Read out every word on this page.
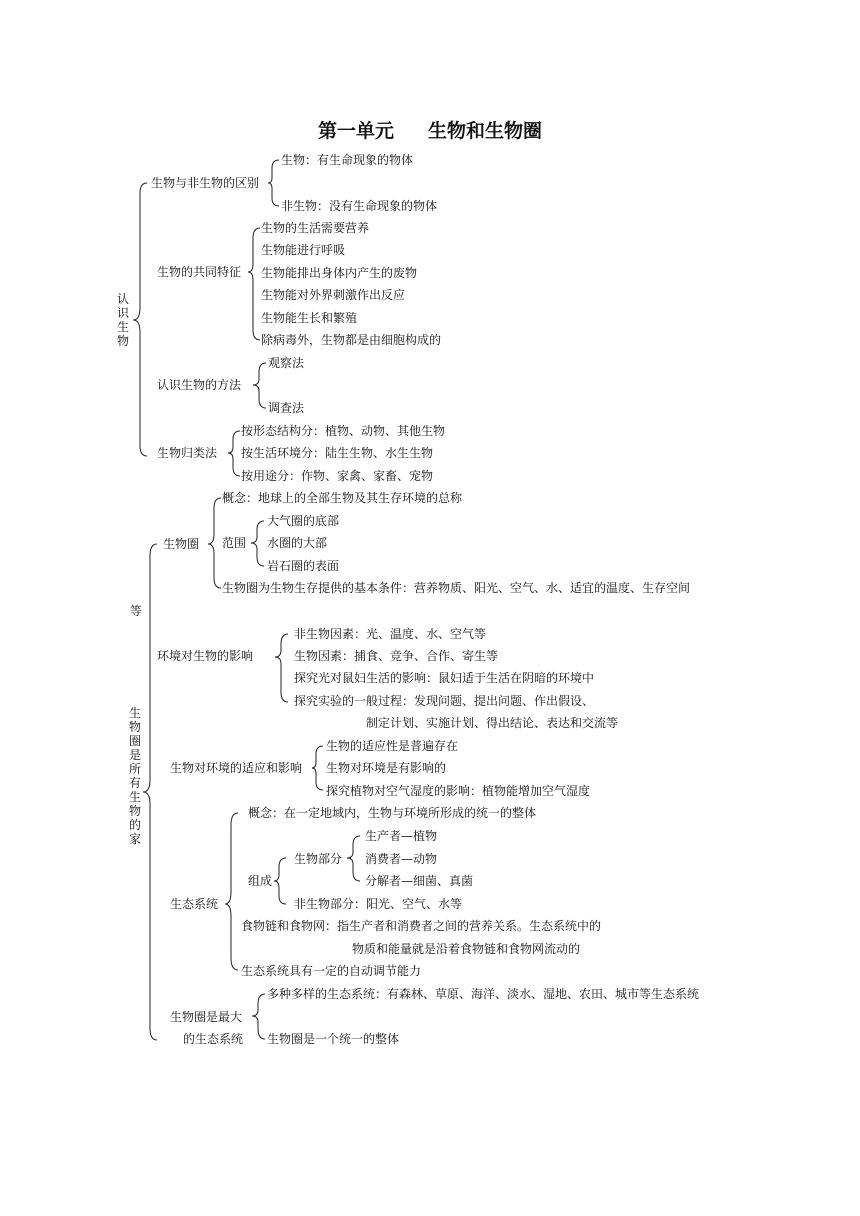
第一单元 生物和生物圈
认识生物
生物与非生物的区别
生物：有生命现象的物体
非生物：没有生命现象的物体
生物的共同特征
生物的生活需要营养
生物能进行呼吸
生物能排出身体内产生的废物
生物能对外界刺激作出反应
生物能生长和繁殖
除病毒外，生物都是由细胞构成的
认识生物的方法
观察法
调查法
生物归类法
按形态结构分：植物、动物、其他生物
按生活环境分：陆生生物、水生生物
按用途分：作物、家禽、家畜、宠物
等
生物圈是所有生物的家
生物圈
概念：地球上的全部生物及其生存环境的总称
范围
大气圈的底部
水圈的大部
岩石圈的表面
生物圈为生物生存提供的基本条件：营养物质、阳光、空气、水、适宜的温度、生存空间
环境对生物的影响
非生物因素：光、温度、水、空气等
生物因素：捕食、竞争、合作、寄生等
探究光对鼠妇生活的影响：鼠妇适于生活在阴暗的环境中
探究实验的一般过程：发现问题、提出问题、作出假设、
制定计划、实施计划、得出结论、表达和交流等
生物对环境的适应和影响
生物的适应性是普遍存在
生物对环境是有影响的
探究植物对空气湿度的影响：植物能增加空气湿度
生态系统
概念：在一定地域内，生物与环境所形成的统一的整体
组成
生物部分
生产者—植物
消费者—动物
分解者—细菌、真菌
非生物部分：阳光、空气、水等
食物链和食物网：指生产者和消费者之间的营养关系。生态系统中的
物质和能量就是沿着食物链和食物网流动的
生态系统具有一定的自动调节能力
生物圈是最大
的生态系统
多种多样的生态系统：有森林、草原、海洋、淡水、湿地、农田、城市等生态系统
生物圈是一个统一的整体
